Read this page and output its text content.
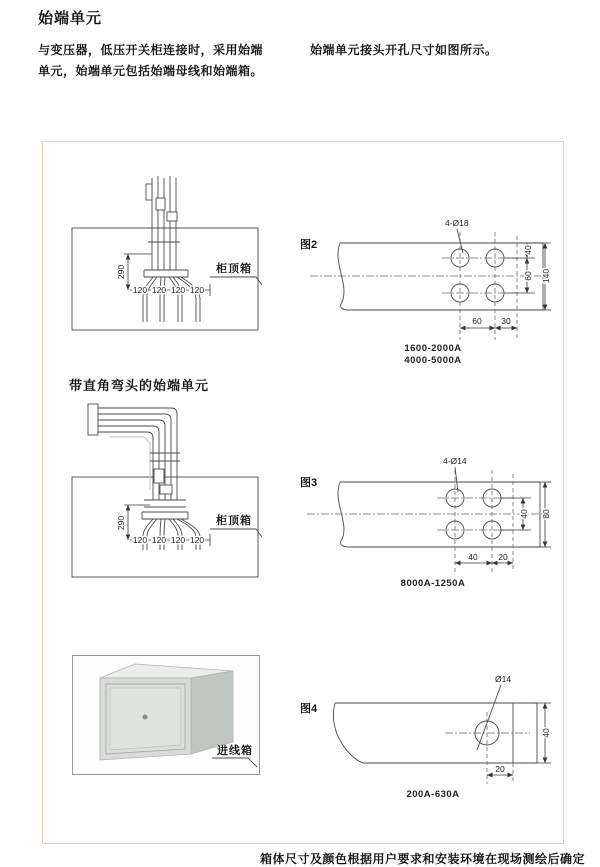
始端单元
与变压器，低压开关柜连接时，采用始端单元，始端单元包括始端母线和始端箱。
始端单元接头开孔尺寸如图所示。
290
120 120 120 120
柜顶箱
图2
4-Ø18
40
60 140
60 30
1600-2000A
4000-5000A
带直角弯头的始端单元
290
120 120 120 120
柜顶箱
图3
4-Ø14
40 80
40 20
8000A-1250A
进线箱
图4
Ø14
40
20
200A-630A
箱体尺寸及颜色根据用户要求和安装环境在现场测绘后确定
